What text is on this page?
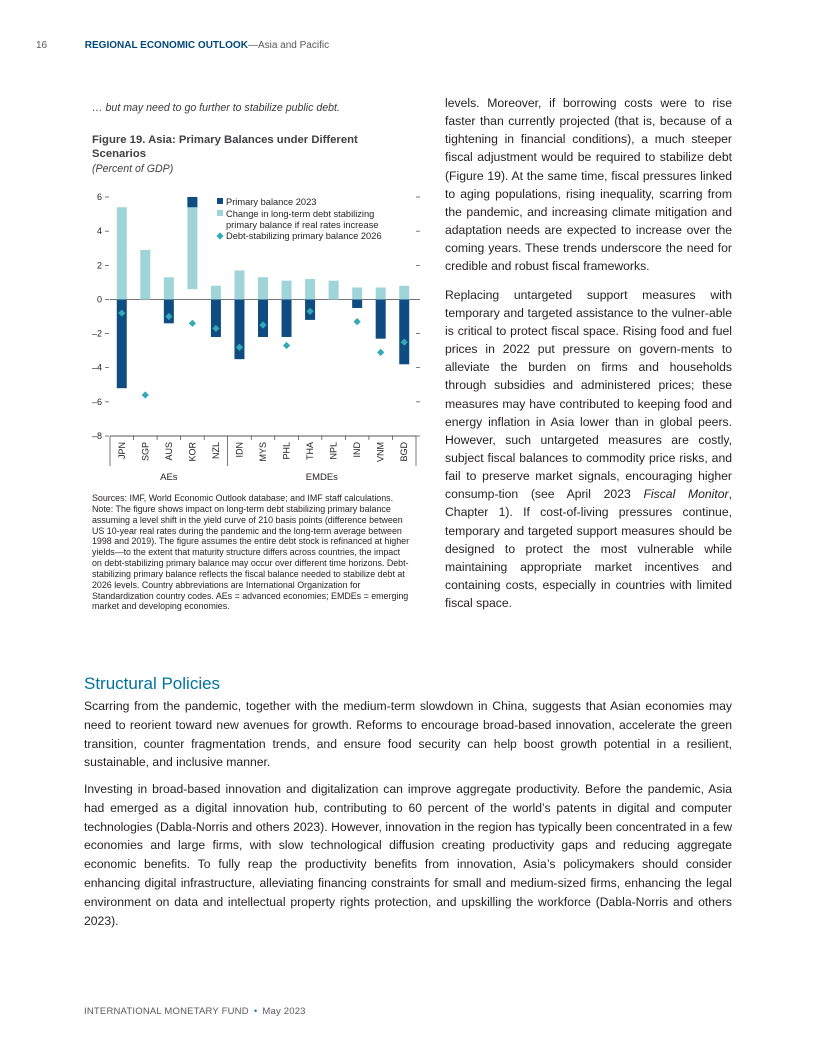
16	REGIONAL ECONOMIC OUTLOOK—Asia and Pacific
… but may need to go further to stabilize public debt.
Figure 19. Asia: Primary Balances under Different Scenarios
(Percent of GDP)
6
4
2
0
–2
–4
–6
–8
JPN SGP AUS KOR NZL IDN MYS PHL THA NPL IND VNM BGD
AEs	EMDEs
Primary balance 2023
Change in long-term debt stabilizing primary balance if real rates increase
Debt-stabilizing primary balance 2026
Sources: IMF, World Economic Outlook database; and IMF staff calculations.
Note: The figure shows impact on long-term debt stabilizing primary balance assuming a level shift in the yield curve of 210 basis points (difference between US 10-year real rates during the pandemic and the long-term average between 1998 and 2019). The figure assumes the entire debt stock is refinanced at higher yields—to the extent that maturity structure differs across countries, the impact on debt-stabilizing primary balance may occur over different time horizons. Debt-stabilizing primary balance reflects the fiscal balance needed to stabilize debt at 2026 levels. Country abbreviations are International Organization for Standardization country codes. AEs = advanced economies; EMDEs = emerging market and developing economies.

levels. Moreover, if borrowing costs were to rise faster than currently projected (that is, because of a tightening in financial conditions), a much steeper fiscal adjustment would be required to stabilize debt (Figure 19). At the same time, fiscal pressures linked to aging populations, rising inequality, scarring from the pandemic, and increasing climate mitigation and adaptation needs are expected to increase over the coming years. These trends underscore the need for credible and robust fiscal frameworks.

Replacing untargeted support measures with temporary and targeted assistance to the vulner-able is critical to protect fiscal space. Rising food and fuel prices in 2022 put pressure on govern-ments to alleviate the burden on firms and households through subsidies and administered prices; these measures may have contributed to keeping food and energy inflation in Asia lower than in global peers. However, such untargeted measures are costly, subject fiscal balances to commodity price risks, and fail to preserve market signals, encouraging higher consump-tion (see April 2023 Fiscal Monitor, Chapter 1). If cost-of-living pressures continue, temporary and targeted support measures should be designed to protect the most vulnerable while maintaining appropriate market incentives and containing costs, especially in countries with limited fiscal space.

Structural Policies

Scarring from the pandemic, together with the medium-term slowdown in China, suggests that Asian economies may need to reorient toward new avenues for growth. Reforms to encourage broad-based innovation, accelerate the green transition, counter fragmentation trends, and ensure food security can help boost growth potential in a resilient, sustainable, and inclusive manner.

Investing in broad-based innovation and digitalization can improve aggregate productivity. Before the pandemic, Asia had emerged as a digital innovation hub, contributing to 60 percent of the world’s patents in digital and computer technologies (Dabla-Norris and others 2023). However, innovation in the region has typically been concentrated in a few economies and large firms, with slow technological diffusion creating productivity gaps and reducing aggregate economic benefits. To fully reap the productivity benefits from innovation, Asia’s policymakers should consider enhancing digital infrastructure, alleviating financing constraints for small and medium-sized firms, enhancing the legal environment on data and intellectual property rights protection, and upskilling the workforce (Dabla-Norris and others 2023).

INTERNATIONAL MONETARY FUND • May 2023
